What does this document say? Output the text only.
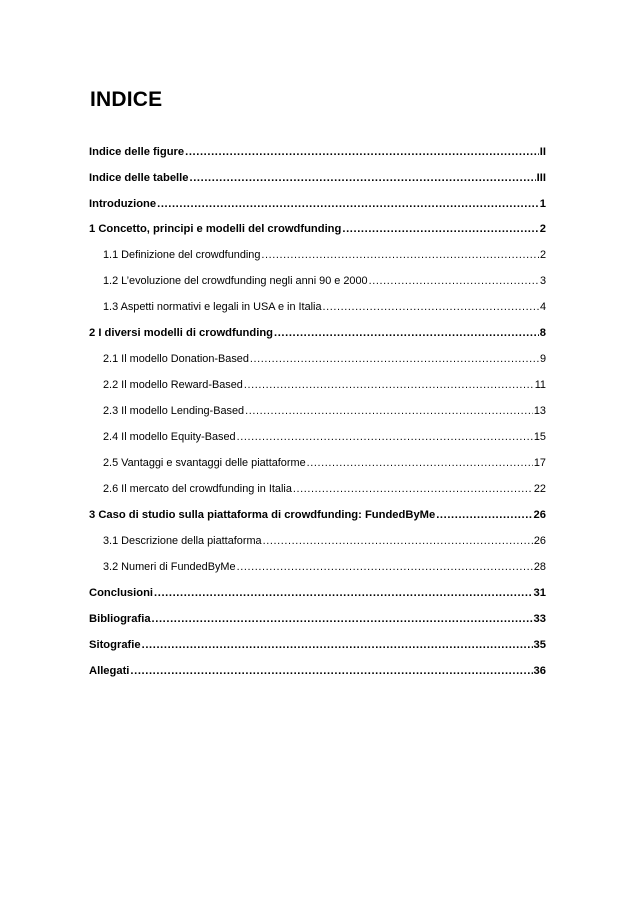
INDICE
Indice delle figure .....	II
Indice delle tabelle .....	III
Introduzione .....	1
1 Concetto, principi e modelli del crowdfunding .....	2
1.1 Definizione del crowdfunding .....	2
1.2 L’evoluzione del crowdfunding negli anni 90 e 2000 .....	3
1.3 Aspetti normativi e legali in USA e in Italia .....	4
2 I diversi modelli di crowdfunding .....	8
2.1 Il modello Donation-Based .....	9
2.2 Il modello Reward-Based .....	11
2.3 Il modello Lending-Based .....	13
2.4 Il modello Equity-Based .....	15
2.5 Vantaggi e svantaggi delle piattaforme .....	17
2.6 Il mercato del crowdfunding in Italia .....	22
3 Caso di studio sulla piattaforma di crowdfunding: FundedByMe .....	26
3.1 Descrizione della piattaforma .....	26
3.2 Numeri di FundedByMe .....	28
Conclusioni .....	31
Bibliografia .....	33
Sitografie .....	35
Allegati .....	36
